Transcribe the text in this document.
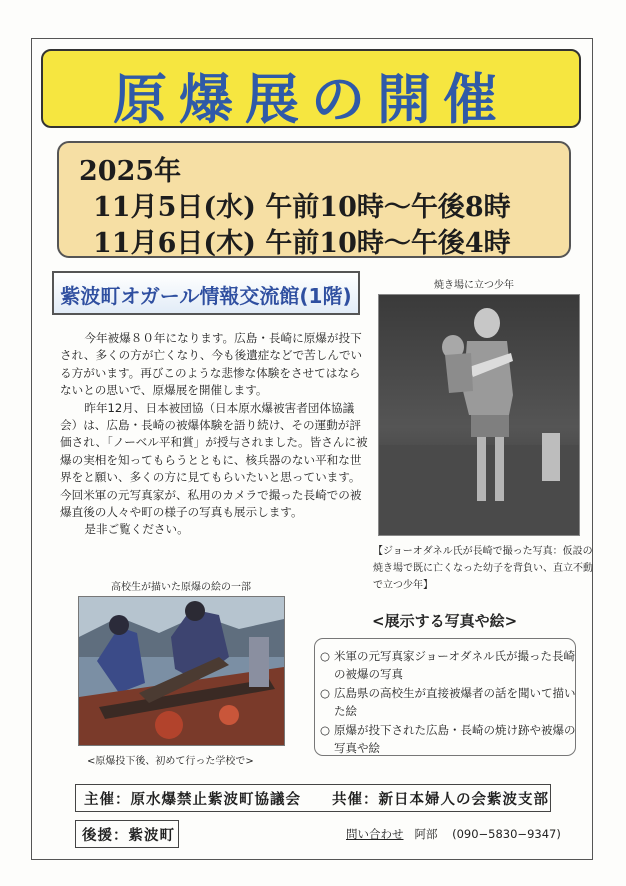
原爆展の開催
2025年
11月5日(水) 午前10時〜午後8時
11月6日(木) 午前10時〜午後4時
紫波町オガール情報交流館(1階)

今年被爆８０年になります。広島・長崎に原爆が投下され、多くの方が亡くなり、今も後遺症などで苦しんでいる方がいます。再びこのような悲惨な体験をさせてはならないとの思いで、原爆展を開催します。

昨年12月、日本被団協（日本原水爆被害者団体協議会）は、広島・長崎の被爆体験を語り続け、その運動が評価され、「ノーベル平和賞」が授与されました。皆さんに被爆の実相を知ってもらうとともに、核兵器のない平和な世界をと願い、多くの方に見てもらいたいと思っています。今回米軍の元写真家が、私用のカメラで撮った長崎での被爆直後の人々や町の様子の写真も展示します。

是非ご覧ください。

焼き場に立つ少年
【ジョーオダネル氏が長崎で撮った写真：仮設の焼き場で既に亡くなった幼子を背負い、直立不動で立つ少年】
高校生が描いた原爆の絵の一部
<原爆投下後、初めて行った学校で>
<展示する写真や絵>
○ 米軍の元写真家ジョーオダネル氏が撮った長崎の被爆の写真
○ 広島県の高校生が直接被爆者の話を聞いて描いた絵
○ 原爆が投下された広島・長崎の焼け跡や被爆の写真や絵
主催：原水爆禁止紫波町協議会　　共催：新日本婦人の会紫波支部
後援：紫波町	問い合わせ 阿部 (090−5830−9347)
